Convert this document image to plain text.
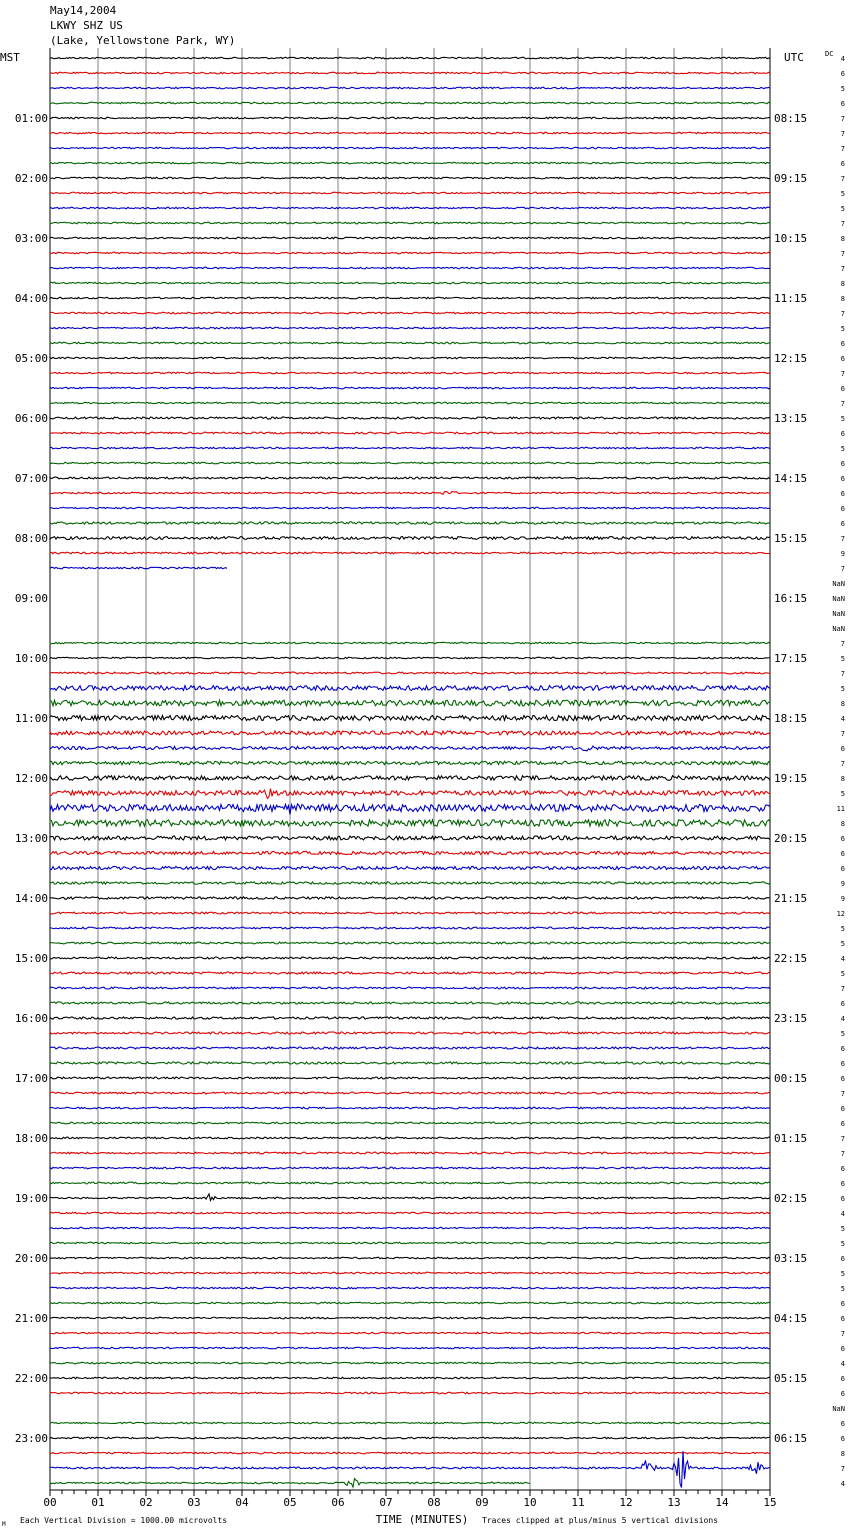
May14,2004
LKWY SHZ US
(Lake, Yellowstone Park, WY)
00	01	02	03	04	05	06	07	08	09	10	11	12	13	14	15
MST	UTC	DC
01:00
02:00
03:00
04:00
05:00
06:00
07:00
08:00
09:00
10:00
11:00
12:00
13:00
14:00
15:00
16:00
17:00
18:00
19:00
20:00
21:00
22:00
23:00
08:15
09:15
10:15
11:15
12:15
13:15
14:15
15:15
16:15
17:15
18:15
19:15
20:15
21:15
22:15
23:15
00:15
01:15
02:15
03:15
04:15
05:15
06:15
4
6
5
6
7
7
7
6
7
5
5
7
8
7
7
8
8
7
5
6
6
7
6
7
5
6
5
6
6
6
6
6
7
9
7
NaN
NaN
NaN
NaN
7
5
7
5
8
4
7
6
7
8
5
11
8
6
6
6
9
9
12
5
5
4
5
7
6
4
5
6
6
6
7
6
6
7
7
6
6
6
4
5
5
6
5
5
6
6
7
6
4
6
6
NaN
6
6
8
7
4
TIME (MINUTES)
Each Vertical Division = 1000.00 microvolts	Traces clipped at plus/minus 5 vertical divisions
M
